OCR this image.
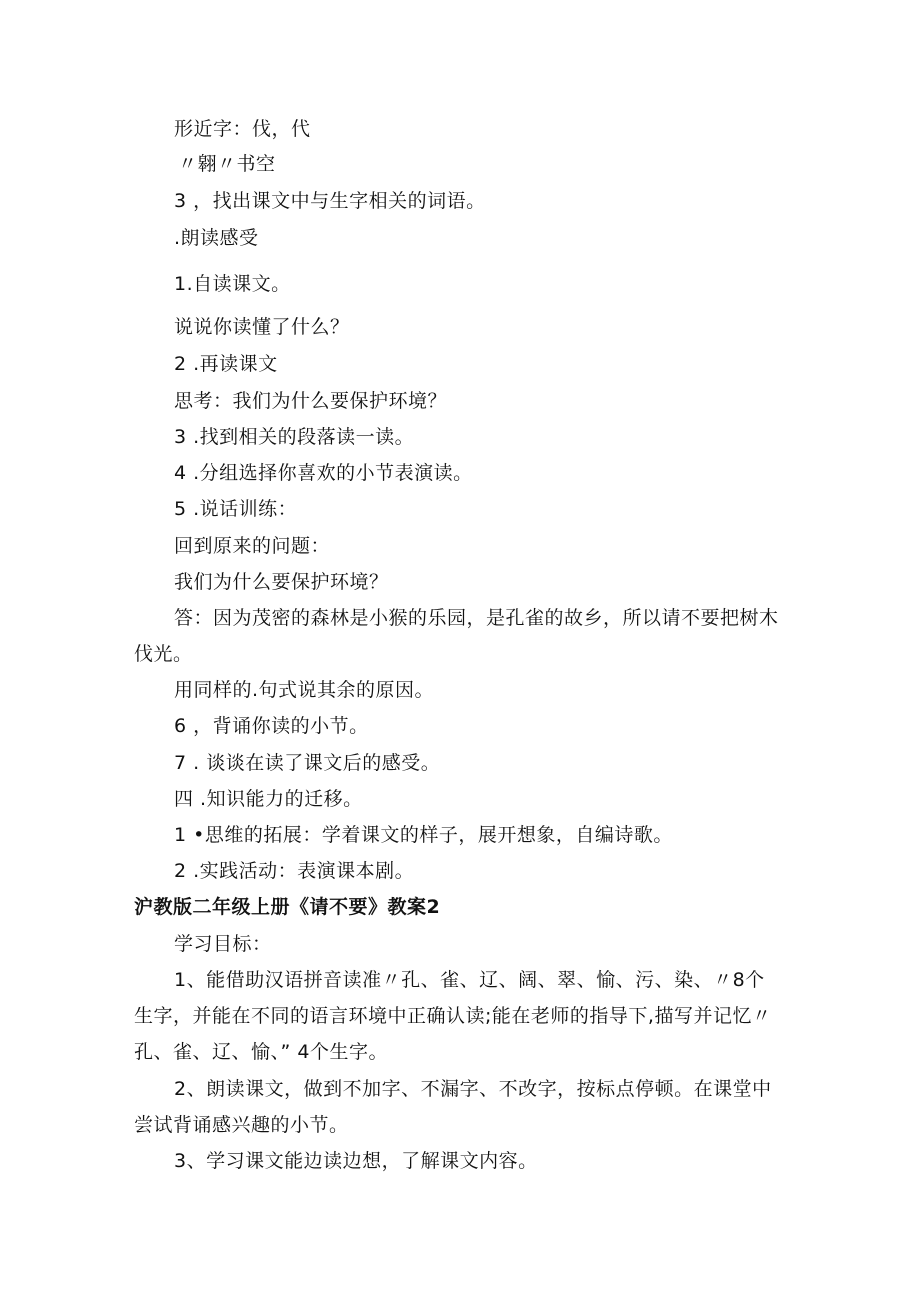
形近字：伐，代
〃翱〃书空
3 ，找出课文中与生字相关的词语。
.朗读感受
1.自读课文。
说说你读懂了什么？
2 .再读课文
思考：我们为什么要保护环境？
3 .找到相关的段落读一读。
4 .分组选择你喜欢的小节表演读。
5 .说话训练：
回到原来的问题：
我们为什么要保护环境？
答：因为茂密的森林是小猴的乐园，是孔雀的故乡，所以请不要把树木
伐光。
用同样的.句式说其余的原因。
6 ，背诵你读的小节。
7 . 谈谈在读了课文后的感受。
四 .知识能力的迁移。
1 •思维的拓展：学着课文的样子，展开想象，自编诗歌。
2 .实践活动：表演课本剧。
沪教版二年级上册《请不要》教案2
学习目标：
1、能借助汉语拼音读准〃孔、雀、辽、阔、翠、愉、污、染、〃8个
生字，并能在不同的语言环境中正确认读;能在老师的指导下,描写并记忆〃
孔、雀、辽、愉、” 4个生字。
2、朗读课文，做到不加字、不漏字、不改字，按标点停顿。在课堂中
尝试背诵感兴趣的小节。
3、学习课文能边读边想，了解课文内容。
